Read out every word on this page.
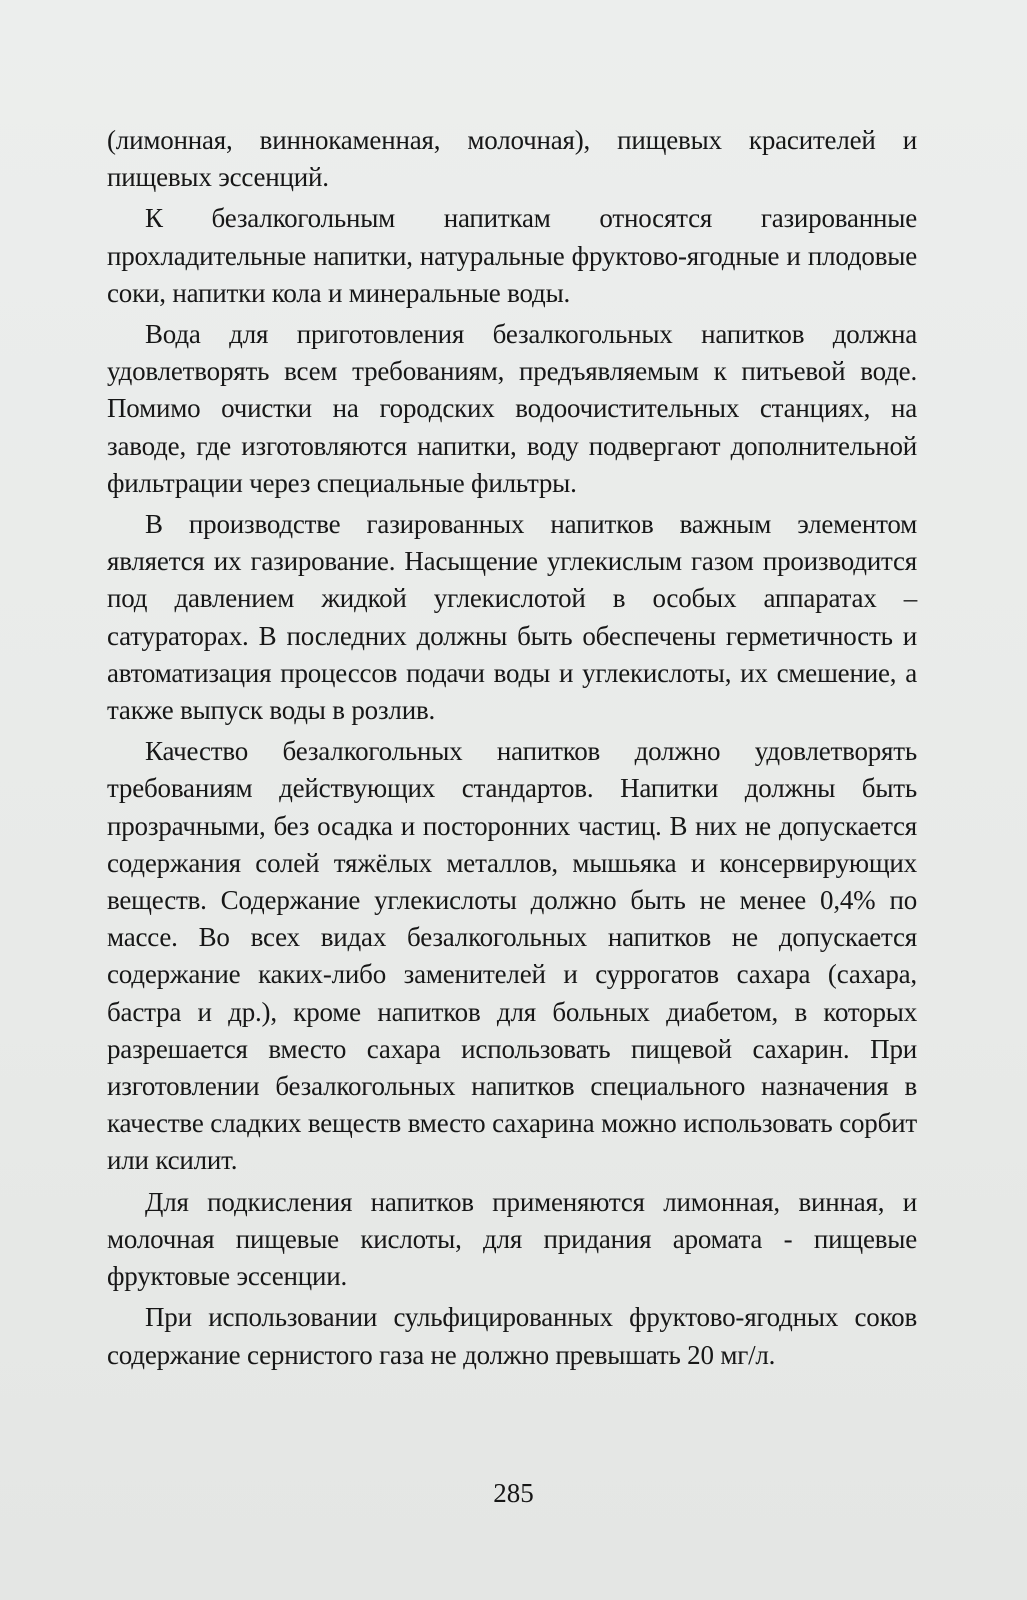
(лимонная, виннокаменная, молочная), пищевых красителей и пищевых эссенций.

К безалкогольным напиткам относятся газированные прохладительные напитки, натуральные фруктово-ягодные и плодовые соки, напитки кола и минеральные воды.

Вода для приготовления безалкогольных напитков должна удовлетворять всем требованиям, предъявляемым к питьевой воде. Помимо очистки на городских водоочистительных станциях, на заводе, где изготовляются напитки, воду подвергают дополнительной фильтрации через специальные фильтры.

В производстве газированных напитков важным элементом является их газирование. Насыщение углекислым газом производится под давлением жидкой углекислотой в особых аппаратах – сатураторах. В последних должны быть обеспечены герметичность и автоматизация процессов подачи воды и углекислоты, их смешение, а также выпуск воды в розлив.

Качество безалкогольных напитков должно удовлетворять требованиям действующих стандартов. Напитки должны быть прозрачными, без осадка и посторонних частиц. В них не допускается содержания солей тяжёлых металлов, мышьяка и консервирующих веществ. Содержание углекислоты должно быть не менее 0,4% по массе. Во всех видах безалкогольных напитков не допускается содержание каких-либо заменителей и суррогатов сахара (сахара, бастра и др.), кроме напитков для больных диабетом, в которых разрешается вместо сахара использовать пищевой сахарин. При изготовлении безалкогольных напитков специального назначения в качестве сладких веществ вместо сахарина можно использовать сорбит или ксилит.

Для подкисления напитков применяются лимонная, винная, и молочная пищевые кислоты, для придания аромата - пищевые фруктовые эссенции.

При использовании сульфицированных фруктово-ягодных соков содержание сернистого газа не должно превышать 20 мг/л.

285
